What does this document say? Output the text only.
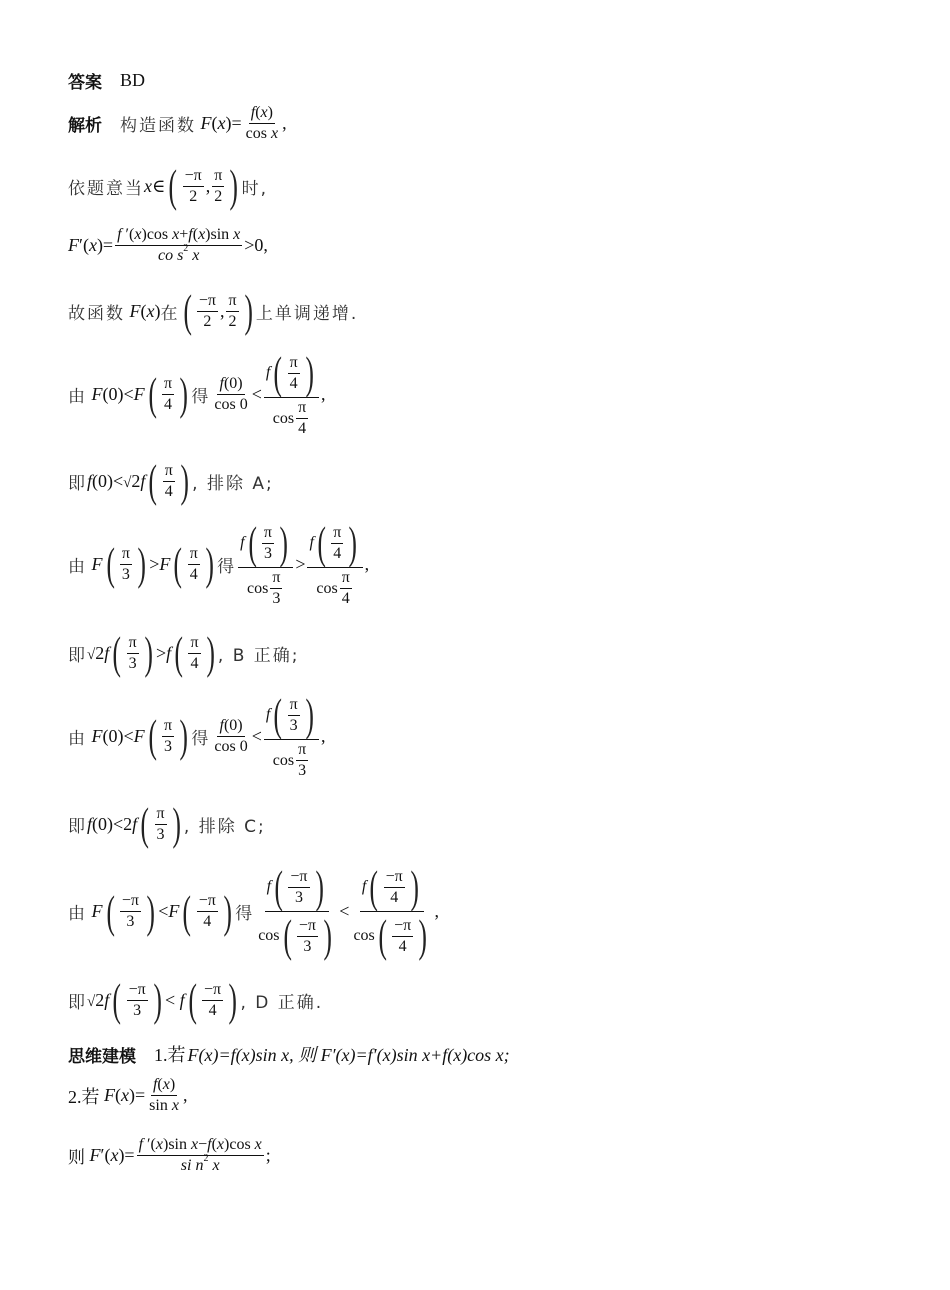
答案 BD
解析 构造函数 $F(x)= \frac{f ( x )}{\text{cos x}}$ ,
依题意当 x∈ ( $\frac{-\pi}{2}$ , $\frac{\pi}{2}$ ) 时,
$F'(x)= \frac{\text{f ′( x )cos x + f ( x )sin x}}{\text{co s 2 x}} >0$,
故函数 F(x) 在 ( $\frac{-\pi}{2}$ , $\frac{\pi}{2}$ ) 上单调递增.
由 F(0)<F ( $\frac{\pi}{4}$ ) 得 f (0)
cos
$0 < \frac{f ( \frac{\pi}{4} )}{\cos \frac{\pi}{4}}$ ,
即 f(0)<√2f ( $\frac{\pi}{4}$ ) , 排除 A;
由 F ( $\frac{\pi}{3}$ ) >F ( $\frac{\pi}{4}$ ) 得 $\frac{f ( \frac{\pi}{3} )}{\cos \frac{\pi}{3}} > \frac{f ( \frac{\pi}{4} )}{\cos \frac{\pi}{4}}$ ,
即 √2f ( $\frac{\pi}{3}$ ) >f ( $\frac{\pi}{4}$ ) , B 正确;
由 F(0)<F ( $\frac{\pi}{3}$ ) 得 f (0)
cos
$0 < \frac{f ( \frac{\pi}{3} )}{\cos \frac{\pi}{3}}$ ,
即 f(0)<2f ( $\frac{\pi}{3}$ ) , 排除 C;
由 F ( $\frac{-\pi}{3}$ ) <F ( $\frac{-\pi}{4}$ ) 得 $\frac{f ( \frac{-\pi}{3} )}{\cos ( \frac{-\pi}{3} )} < \frac{f ( \frac{-\pi}{4} )}{\cos ( \frac{-\pi}{4} )}$ ,
即 √2f ( $\frac{-\pi}{3}$ ) < f ( $\frac{-\pi}{4}$ ) , D 正确.
思维建模 1.若 F(x)=f(x)sin x, 则 F′(x)=f′(x)sin x+f(x)cos x;
2.若 $F(x)= \frac{f ( x )}{\text{sin x}}$ ,
则 $F'(x)= \frac{\text{f ′( x )sin x − f ( x )cos x}}{\text{si n 2 x}}$ ;
